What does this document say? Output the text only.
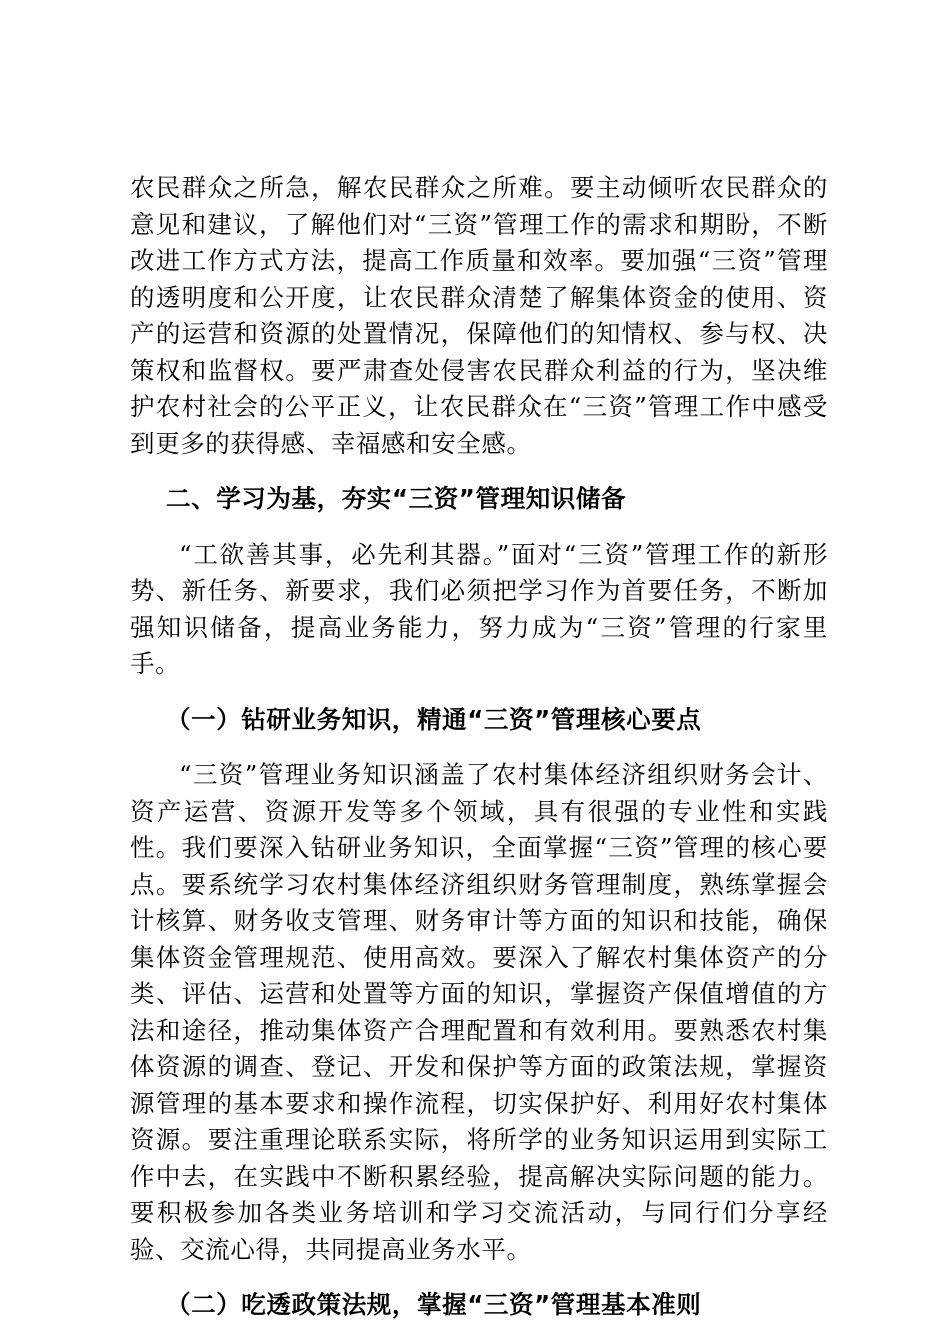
农民群众之所急，解农民群众之所难。要主动倾听农民群众的意见和建议，了解他们对“三资”管理工作的需求和期盼，不断改进工作方式方法，提高工作质量和效率。要加强“三资”管理的透明度和公开度，让农民群众清楚了解集体资金的使用、资产的运营和资源的处置情况，保障他们的知情权、参与权、决策权和监督权。要严肃查处侵害农民群众利益的行为，坚决维护农村社会的公平正义，让农民群众在“三资”管理工作中感受到更多的获得感、幸福感和安全感。

二、学习为基，夯实“三资”管理知识储备

“工欲善其事，必先利其器。”面对“三资”管理工作的新形势、新任务、新要求，我们必须把学习作为首要任务，不断加强知识储备，提高业务能力，努力成为“三资”管理的行家里手。

（一）钻研业务知识，精通“三资”管理核心要点

“三资”管理业务知识涵盖了农村集体经济组织财务会计、资产运营、资源开发等多个领域，具有很强的专业性和实践性。我们要深入钻研业务知识，全面掌握“三资”管理的核心要点。要系统学习农村集体经济组织财务管理制度，熟练掌握会计核算、财务收支管理、财务审计等方面的知识和技能，确保集体资金管理规范、使用高效。要深入了解农村集体资产的分类、评估、运营和处置等方面的知识，掌握资产保值增值的方法和途径，推动集体资产合理配置和有效利用。要熟悉农村集体资源的调查、登记、开发和保护等方面的政策法规，掌握资源管理的基本要求和操作流程，切实保护好、利用好农村集体资源。要注重理论联系实际，将所学的业务知识运用到实际工作中去，在实践中不断积累经验，提高解决实际问题的能力。要积极参加各类业务培训和学习交流活动，与同行们分享经验、交流心得，共同提高业务水平。

（二）吃透政策法规，掌握“三资”管理基本准则
